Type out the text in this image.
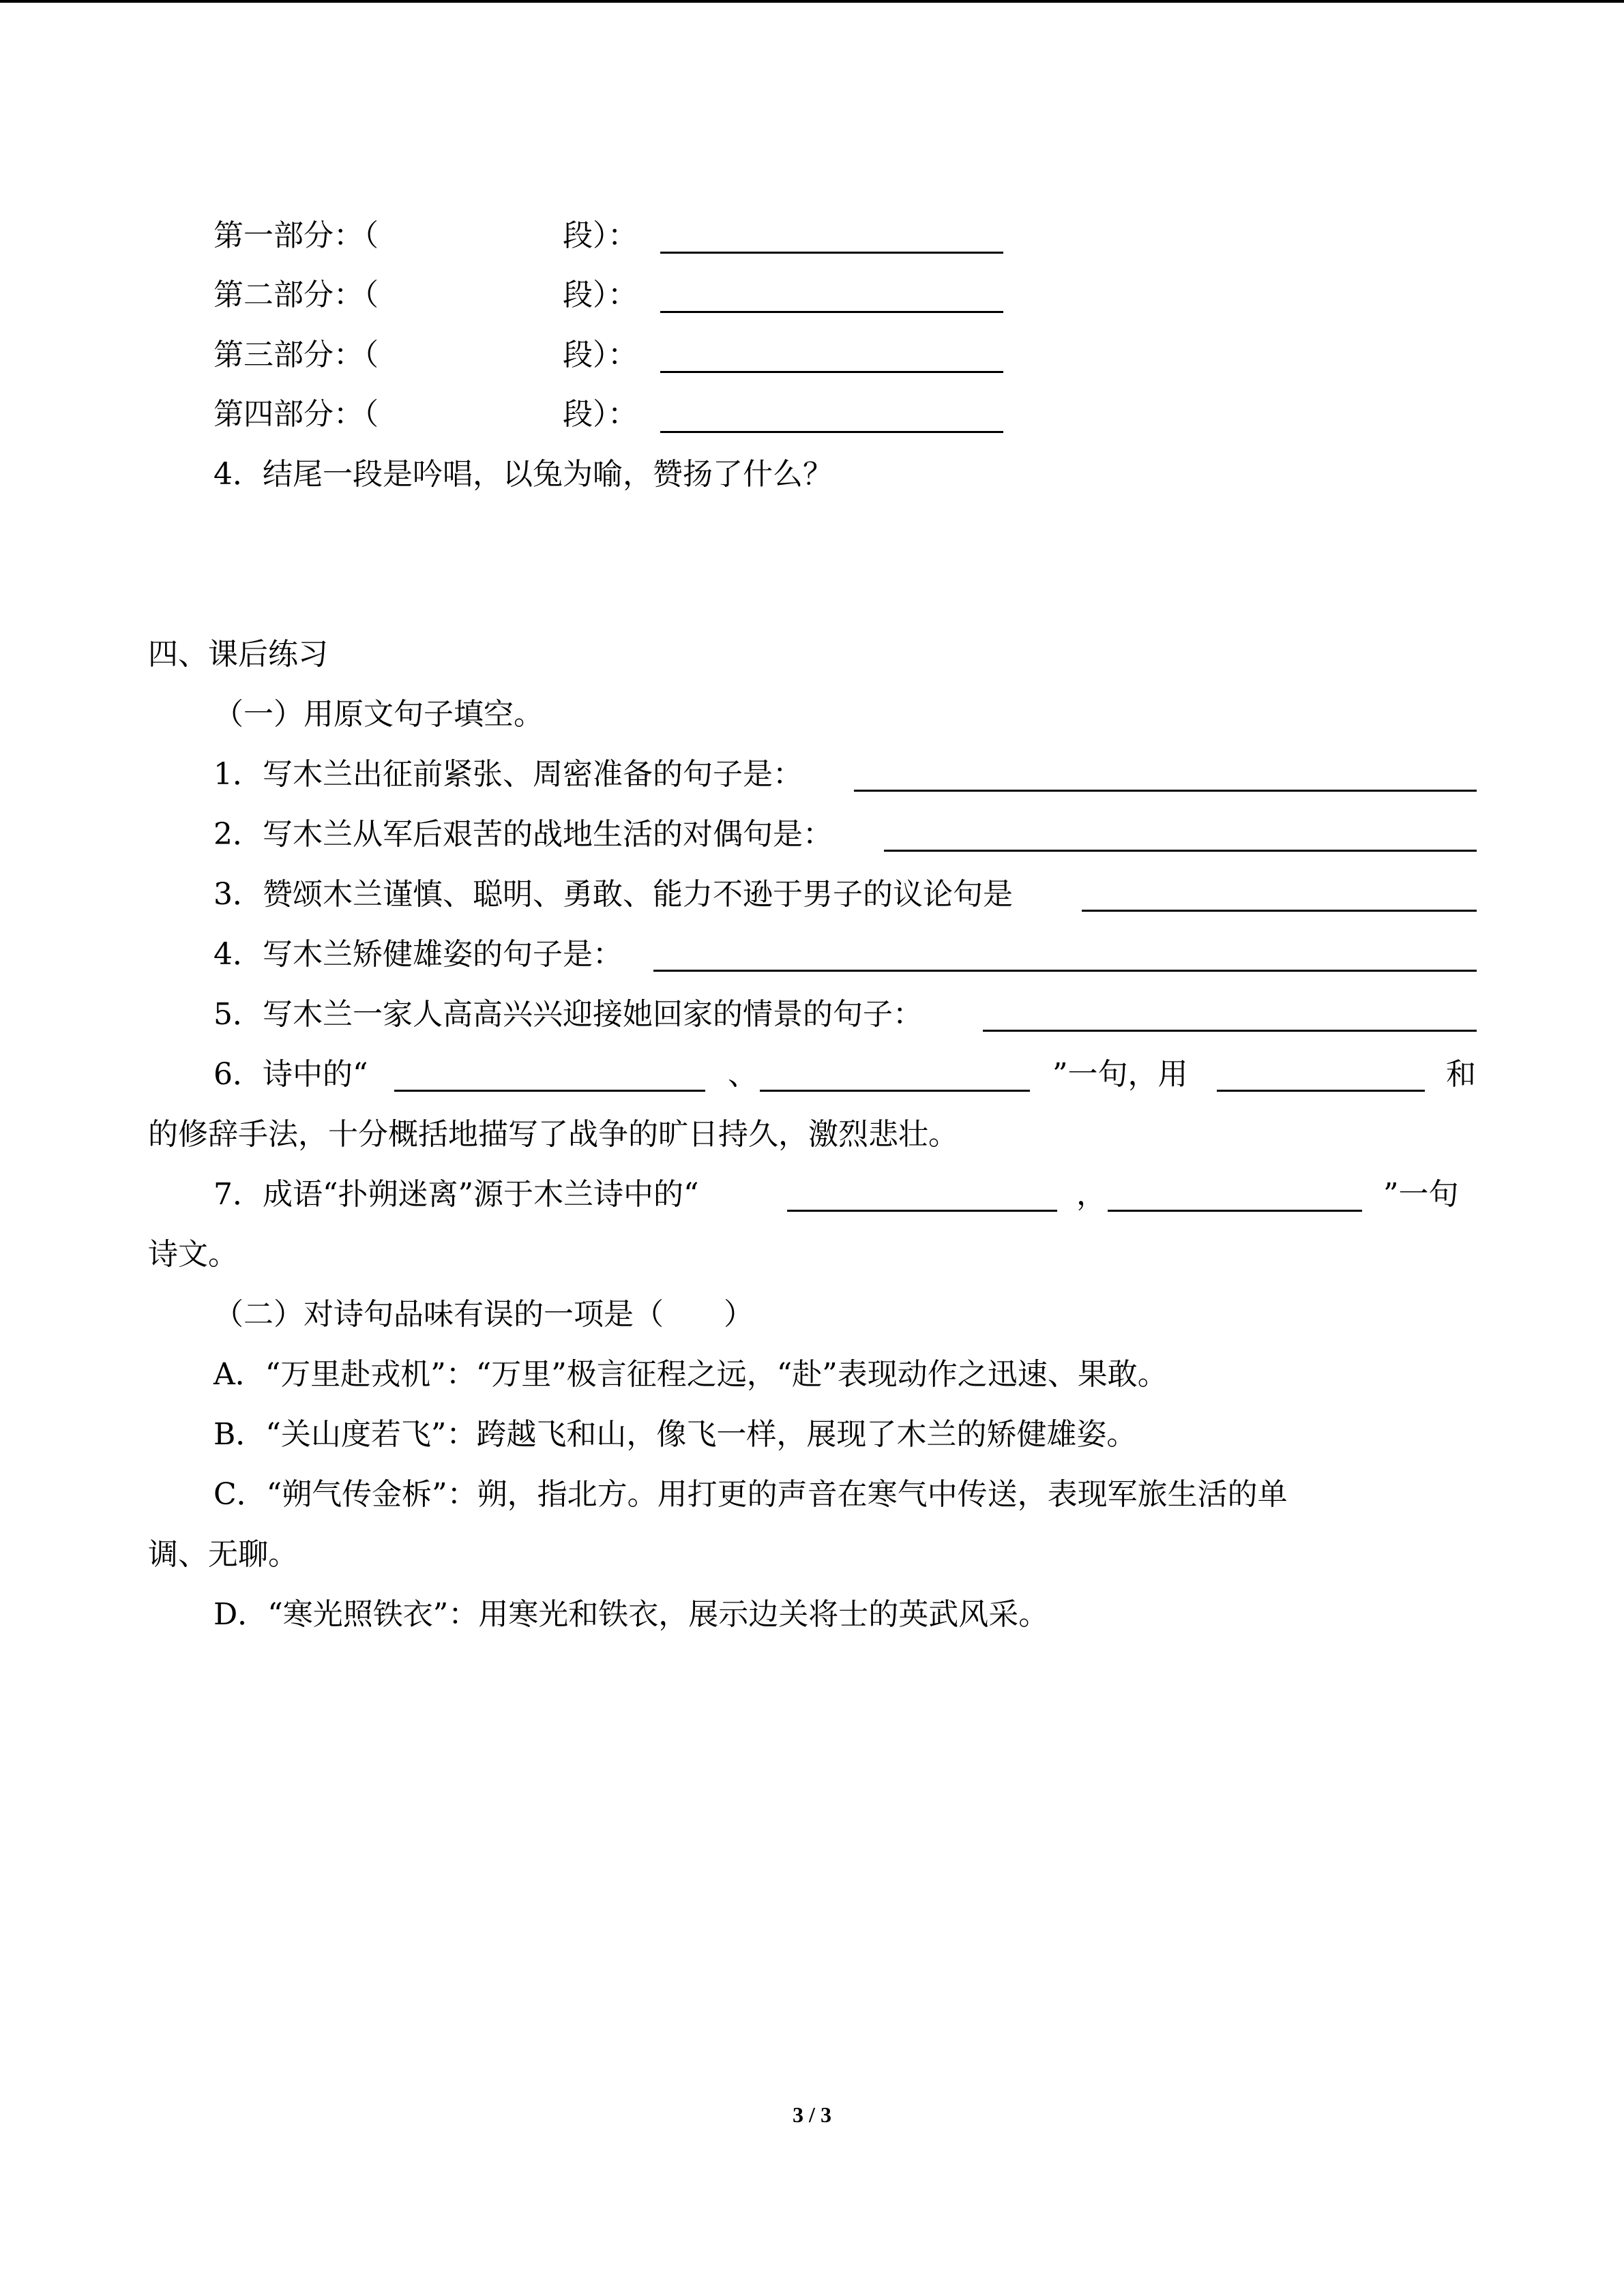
第一部分：（	段）：
第二部分：（	段）：
第三部分：（	段）：
第四部分：（	段）：
4．结尾一段是吟唱，以兔为喻，赞扬了什么？
四、课后练习
（一）用原文句子填空。
1．写木兰出征前紧张、周密准备的句子是：
2．写木兰从军后艰苦的战地生活的对偶句是：
3．赞颂木兰谨慎、聪明、勇敢、能力不逊于男子的议论句是
4．写木兰矫健雄姿的句子是：
5．写木兰一家人高高兴兴迎接她回家的情景的句子：
6．诗中的“	、	”一句，用	和
的修辞手法，十分概括地描写了战争的旷日持久，激烈悲壮。
7．成语“扑朔迷离”源于木兰诗中的“	，	”一句
诗文。
（二）对诗句品味有误的一项是（　　）
A．“万里赴戎机”：“万里”极言征程之远，“赴”表现动作之迅速、果敢。
B．“关山度若飞”：跨越飞和山，像飞一样，展现了木兰的矫健雄姿。
C．“朔气传金柝”：朔，指北方。用打更的声音在寒气中传送，表现军旅生活的单
调、无聊。
D．“寒光照铁衣”：用寒光和铁衣，展示边关将士的英武风采。
3 / 3
